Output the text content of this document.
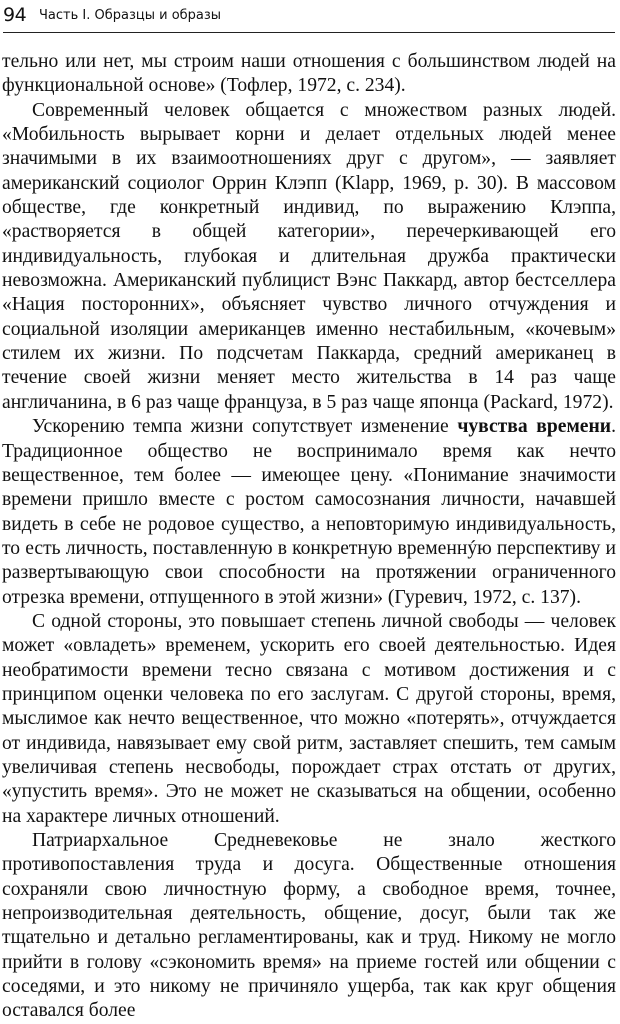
94 Часть I. Образцы и образы

тельно или нет, мы строим наши отношения с большинством людей на функциональной основе» (Тофлер, 1972, с. 234).

Современный человек общается с множеством разных людей. «Мобильность вырывает корни и делает отдельных людей менее значимыми в их взаимоотношениях друг с другом», — заявляет американский социолог Оррин Клэпп (Klapp, 1969, p. 30). В массовом обществе, где конкретный индивид, по выражению Клэппа, «растворяется в общей категории», перечеркивающей его индивидуальность, глубокая и длительная дружба практически невозможна. Американский публицист Вэнс Паккард, автор бестселлера «Нация посторонних», объясняет чувство личного отчуждения и социальной изоляции американцев именно нестабильным, «кочевым» стилем их жизни. По подсчетам Паккарда, средний американец в течение своей жизни меняет место жительства в 14 раз чаще англичанина, в 6 раз чаще француза, в 5 раз чаще японца (Packard, 1972).

Ускорению темпа жизни сопутствует изменение чувства времени. Традиционное общество не воспринимало время как нечто вещественное, тем более — имеющее цену. «Понимание значимости времени пришло вместе с ростом самосознания личности, начавшей видеть в себе не родовое существо, а неповторимую индивидуальность, то есть личность, поставленную в конкретную временнýю перспективу и развертывающую свои способности на протяжении ограниченного отрезка времени, отпущенного в этой жизни» (Гуревич, 1972, с. 137).

С одной стороны, это повышает степень личной свободы — человек может «овладеть» временем, ускорить его своей деятельностью. Идея необратимости времени тесно связана с мотивом достижения и с принципом оценки человека по его заслугам. С другой стороны, время, мыслимое как нечто вещественное, что можно «потерять», отчуждается от индивида, навязывает ему свой ритм, заставляет спешить, тем самым увеличивая степень несвободы, порождает страх отстать от других, «упустить время». Это не может не сказываться на общении, особенно на характере личных отношений.

Патриархальное Средневековье не знало жесткого противопоставления труда и досуга. Общественные отношения сохраняли свою личностную форму, а свободное время, точнее, непроизводительная деятельность, общение, досуг, были так же тщательно и детально регламентированы, как и труд. Никому не могло прийти в голову «сэкономить время» на приеме гостей или общении с соседями, и это никому не причиняло ущерба, так как круг общения оставался более
